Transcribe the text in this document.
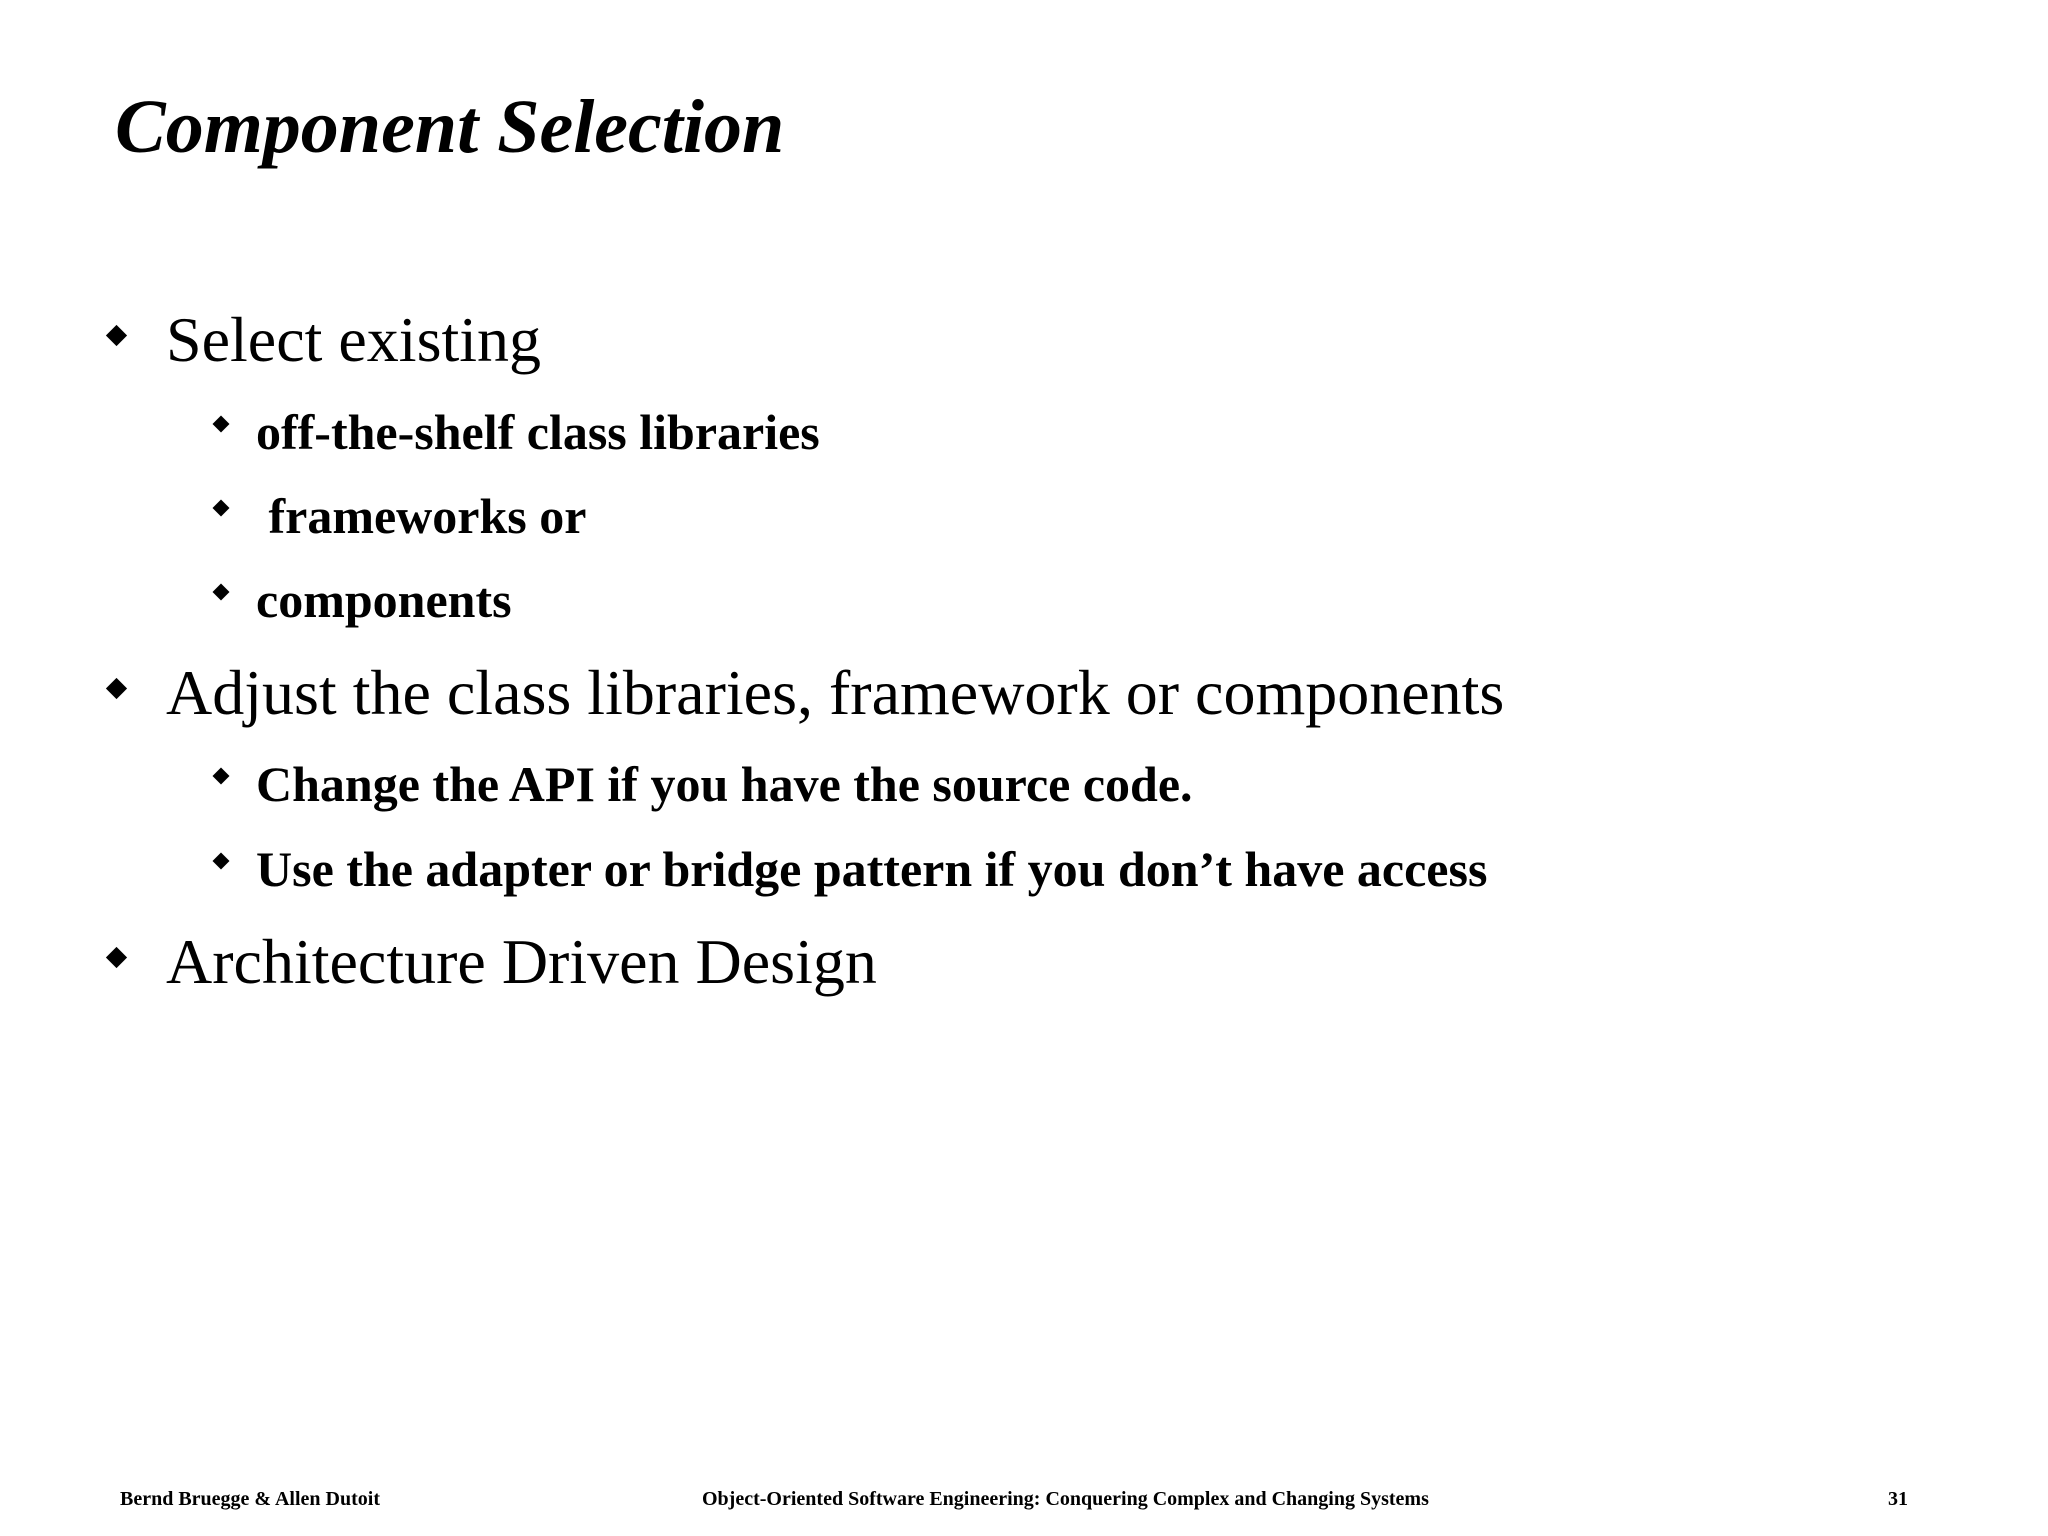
Component Selection
Select existing
off-the-shelf class libraries
frameworks or
components
Adjust the class libraries, framework or components
Change the API if you have the source code.
Use the adapter or bridge pattern if you don’t have access
Architecture Driven Design
Bernd Bruegge & Allen Dutoit	Object-Oriented Software Engineering: Conquering Complex and Changing Systems	31
